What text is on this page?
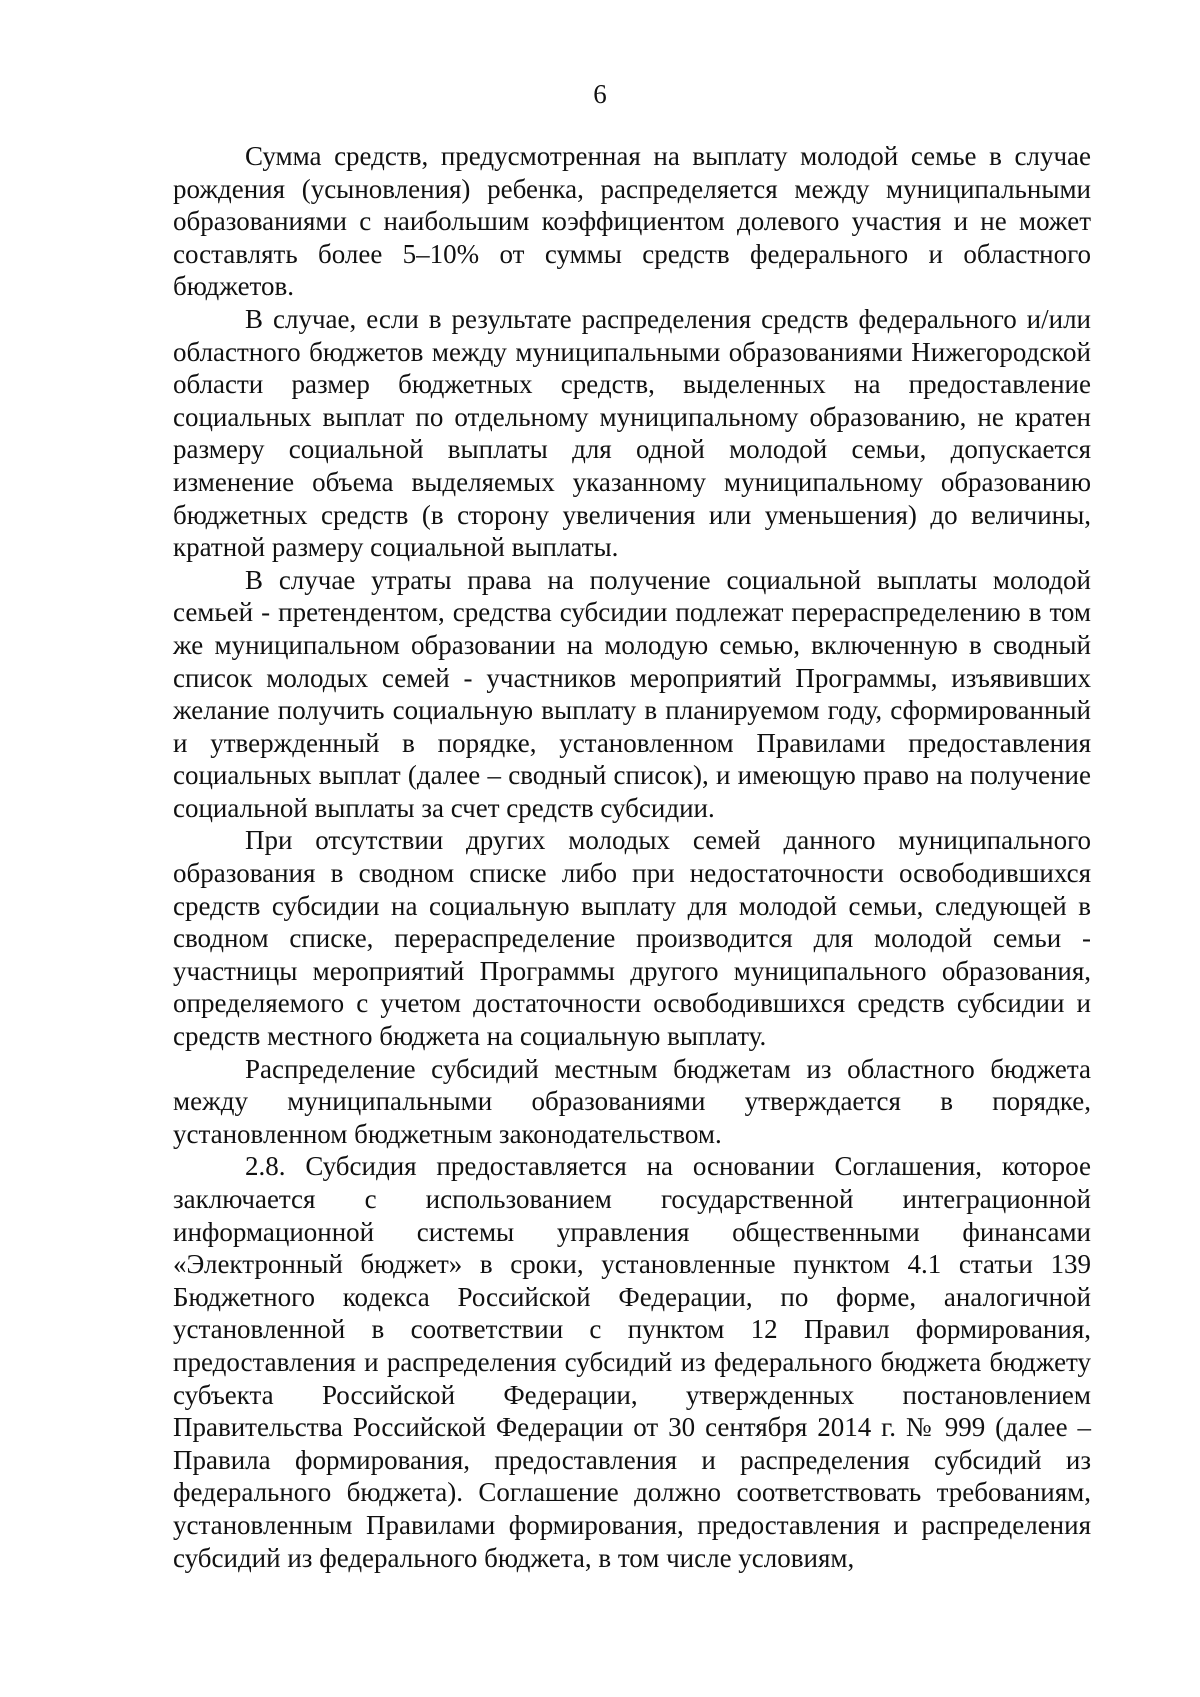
6

Сумма средств, предусмотренная на выплату молодой семье в случае рождения (усыновления) ребенка, распределяется между муниципальными образованиями с наибольшим коэффициентом долевого участия и не может составлять более 5–10% от суммы средств федерального и областного бюджетов.

В случае, если в результате распределения средств федерального и/или областного бюджетов между муниципальными образованиями Нижегородской области размер бюджетных средств, выделенных на предоставление социальных выплат по отдельному муниципальному образованию, не кратен размеру социальной выплаты для одной молодой семьи, допускается изменение объема выделяемых указанному муниципальному образованию бюджетных средств (в сторону увеличения или уменьшения) до величины, кратной размеру социальной выплаты.

В случае утраты права на получение социальной выплаты молодой семьей - претендентом, средства субсидии подлежат перераспределению в том же муниципальном образовании на молодую семью, включенную в сводный список молодых семей - участников мероприятий Программы, изъявивших желание получить социальную выплату в планируемом году, сформированный и утвержденный в порядке, установленном Правилами предоставления социальных выплат (далее – сводный список), и имеющую право на получение социальной выплаты за счет средств субсидии.

При отсутствии других молодых семей данного муниципального образования в сводном списке либо при недостаточности освободившихся средств субсидии на социальную выплату для молодой семьи, следующей в сводном списке, перераспределение производится для молодой семьи - участницы мероприятий Программы другого муниципального образования, определяемого с учетом достаточности освободившихся средств субсидии и средств местного бюджета на социальную выплату.

Распределение субсидий местным бюджетам из областного бюджета между муниципальными образованиями утверждается в порядке, установленном бюджетным законодательством.

2.8. Субсидия предоставляется на основании Соглашения, которое заключается с использованием государственной интеграционной информационной системы управления общественными финансами «Электронный бюджет» в сроки, установленные пунктом 4.1 статьи 139 Бюджетного кодекса Российской Федерации, по форме, аналогичной установленной в соответствии с пунктом 12 Правил формирования, предоставления и распределения субсидий из федерального бюджета бюджету субъекта Российской Федерации, утвержденных постановлением Правительства Российской Федерации от 30 сентября 2014 г. № 999 (далее – Правила формирования, предоставления и распределения субсидий из федерального бюджета). Соглашение должно соответствовать требованиям, установленным Правилами формирования, предоставления и распределения субсидий из федерального бюджета, в том числе условиям,
